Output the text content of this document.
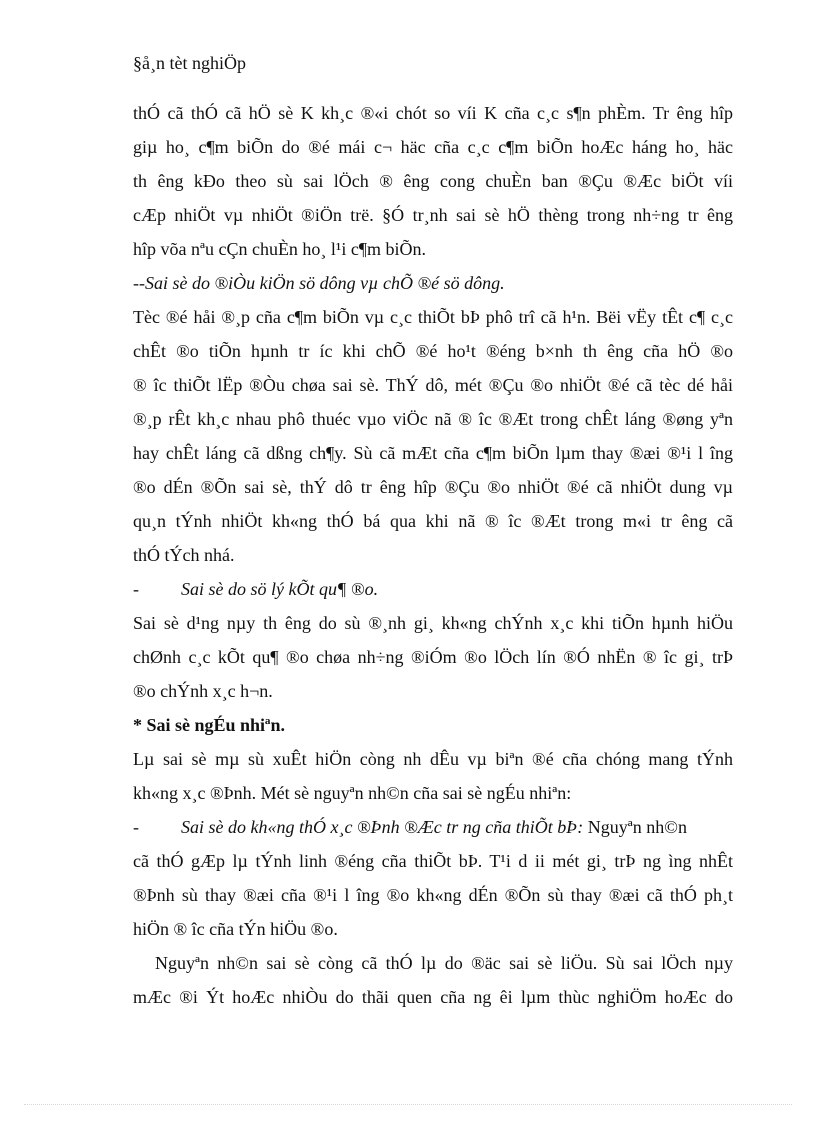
§å¸n tèt nghiÖp
thÓ cã thÓ cã hÖ sè K kh¸c ®«i chót so víi K cña c¸c s¶n phÈm. Tr êng hîp
giµ ho¸ c¶m biÕn do ®é mái c¬ häc cña c¸c c¶m biÕn hoÆc háng ho¸ häc
th êng kÐo theo sù sai lÖch ® êng cong chuÈn ban ®Çu ®Æc biÖt víi
cÆp nhiÖt vµ nhiÖt ®iÖn trë. §Ó tr¸nh sai sè hÖ thèng trong nh÷ng tr êng
hîp võa nªu cÇn chuÈn ho¸ l¹i c¶m biÕn.
--Sai sè do ®iÒu kiÖn sö dông vµ chÕ ®é sö dông.
Tèc ®é håi ®¸p cña c¶m biÕn vµ c¸c thiÕt bÞ phô trî cã h¹n. Bëi vËy tÊt c¶ c¸c
chÊt ®o tiÕn hµnh tr íc khi chÕ ®é ho¹t ®éng b×nh th êng cña hÖ ®o
® îc thiÕt lËp ®Òu chøa sai sè. ThÝ dô, mét ®Çu ®o nhiÖt ®é cã tèc dé håi
®¸p rÊt kh¸c nhau phô thuéc vµo viÖc nã ® îc ®Æt trong chÊt láng ®øng yªn
hay chÊt láng cã dßng ch¶y. Sù cã mÆt cña c¶m biÕn lµm thay ®æi ®¹i l îng
®o dÉn ®Õn sai sè, thÝ dô tr êng hîp ®Çu ®o nhiÖt ®é cã nhiÖt dung vµ
qu¸n tÝnh nhiÖt kh«ng thÓ bá qua khi nã ® îc ®Æt trong m«i tr êng cã
thÓ tÝch nhá.
-	Sai sè do sö lý kÕt qu¶ ®o.
Sai sè d¹ng nµy th êng do sù ®¸nh gi¸ kh«ng chÝnh x¸c khi tiÕn hµnh hiÖu
chØnh c¸c kÕt qu¶ ®o chøa nh÷ng ®iÓm ®o lÖch lín ®Ó nhËn ® îc gi¸ trÞ
®o chÝnh x¸c h¬n.
* Sai sè ngÉu nhiªn.
Lµ sai sè mµ sù xuÊt hiÖn còng nh dÊu vµ biªn ®é cña chóng mang tÝnh
kh«ng x¸c ®Þnh. Mét sè nguyªn nh©n cña sai sè ngÉu nhiªn:
-	Sai sè do kh«ng thÓ x¸c ®Þnh ®Æc tr ng cña thiÕt bÞ: Nguyªn nh©n
cã thÓ gÆp lµ tÝnh linh ®éng cña thiÕt bÞ. T¹i d ii mét gi¸ trÞ ng ìng nhÊt
®Þnh sù thay ®æi cña ®¹i l îng ®o kh«ng dÉn ®Õn sù thay ®æi cã thÓ ph¸t
hiÖn ® îc cña tÝn hiÖu ®o.
Nguyªn nh©n sai sè còng cã thÓ lµ do ®äc sai sè liÖu. Sù sai lÖch nµy
mÆc ®i Ýt hoÆc nhiÒu do thãi quen cña ng êi lµm thùc nghiÖm hoÆc do
